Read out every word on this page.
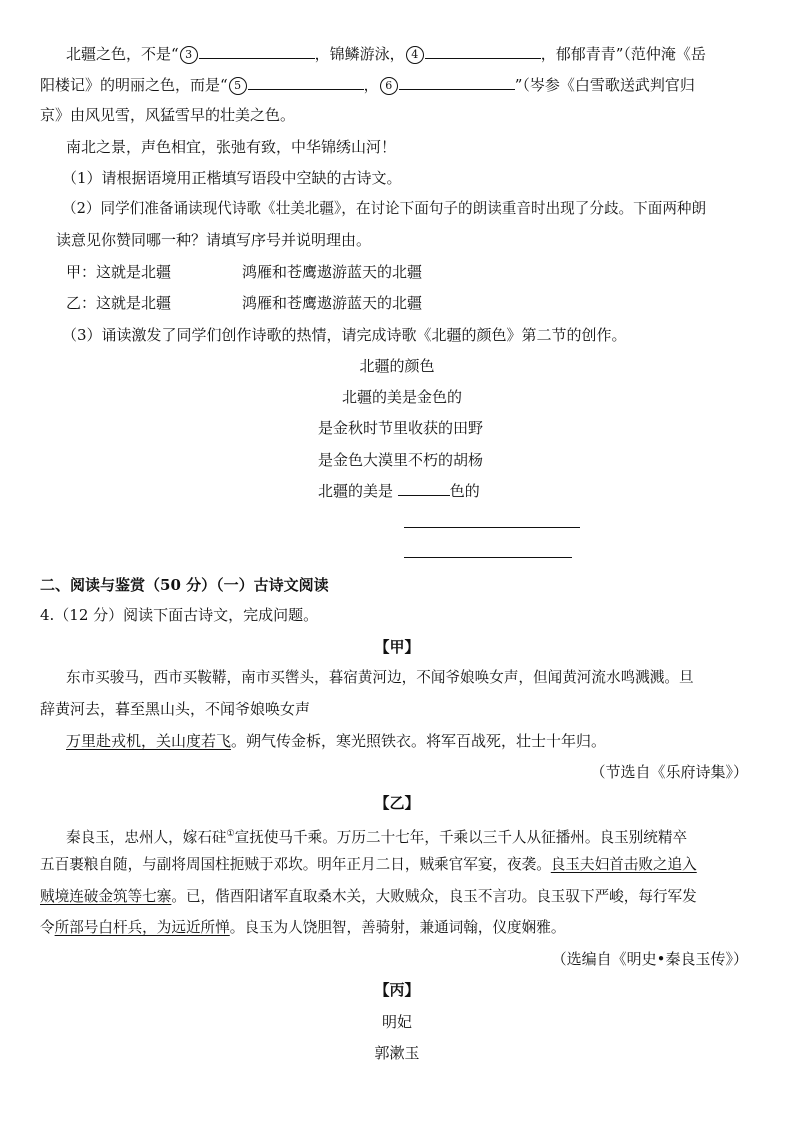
北疆之色，不是“ 3	，锦鳞游泳， 4	，郁郁青青”（范仲淹《岳
阳楼记》的明丽之色，而是“ 5	， 6	”（岑参《白雪歌送武判官归
京》由风见雪，风猛雪早的壮美之色。
南北之景，声色相宜，张弛有致，中华锦绣山河！
（1）请根据语境用正楷填写语段中空缺的古诗文。
（2）同学们准备诵读现代诗歌《壮美北疆》，在讨论下面句子的朗读重音时出现了分歧。下面两种朗
读意见你赞同哪一种？请填写序号并说明理由。
甲：这就是北疆	鸿雁和苍鹰遨游蓝天的北疆
乙：这就是北疆	鸿雁和苍鹰遨游蓝天的北疆
（3）诵读激发了同学们创作诗歌的热情，请完成诗歌《北疆的颜色》第二节的创作。
北疆的颜色
北疆的美是金色的
是金秋时节里收获的田野
是金色大漠里不朽的胡杨
北疆的美是	色的
二、阅读与鉴赏（50 分）（一）古诗文阅读
4.（12 分）阅读下面古诗文，完成问题。
【甲】
东市买骏马，西市买鞍鞯，南市买辔头，暮宿黄河边，不闻爷娘唤女声，但闻黄河流水鸣溅溅。旦
辞黄河去，暮至黑山头，不闻爷娘唤女声
万里赴戎机，关山度若飞。朔气传金柝，寒光照铁衣。将军百战死，壮士十年归。
（节选自《乐府诗集》）
【乙】
秦良玉，忠州人，嫁石砫①宣抚使马千乘。万历二十七年，千乘以三千人从征播州。良玉别统精卒
五百裹粮自随，与副将周国柱扼贼于邓坎。明年正月二日，贼乘官军宴，夜袭。良玉夫妇首击败之追入
贼境连破金筑等七寨。已，偕酉阳诸军直取桑木关，大败贼众，良玉不言功。良玉驭下严峻，每行军发
令所部号白杆兵，为远近所惮。良玉为人饶胆智，善骑射，兼通词翰，仪度娴雅。
（选编自《明史•秦良玉传》）
【丙】
明妃
郭漱玉
